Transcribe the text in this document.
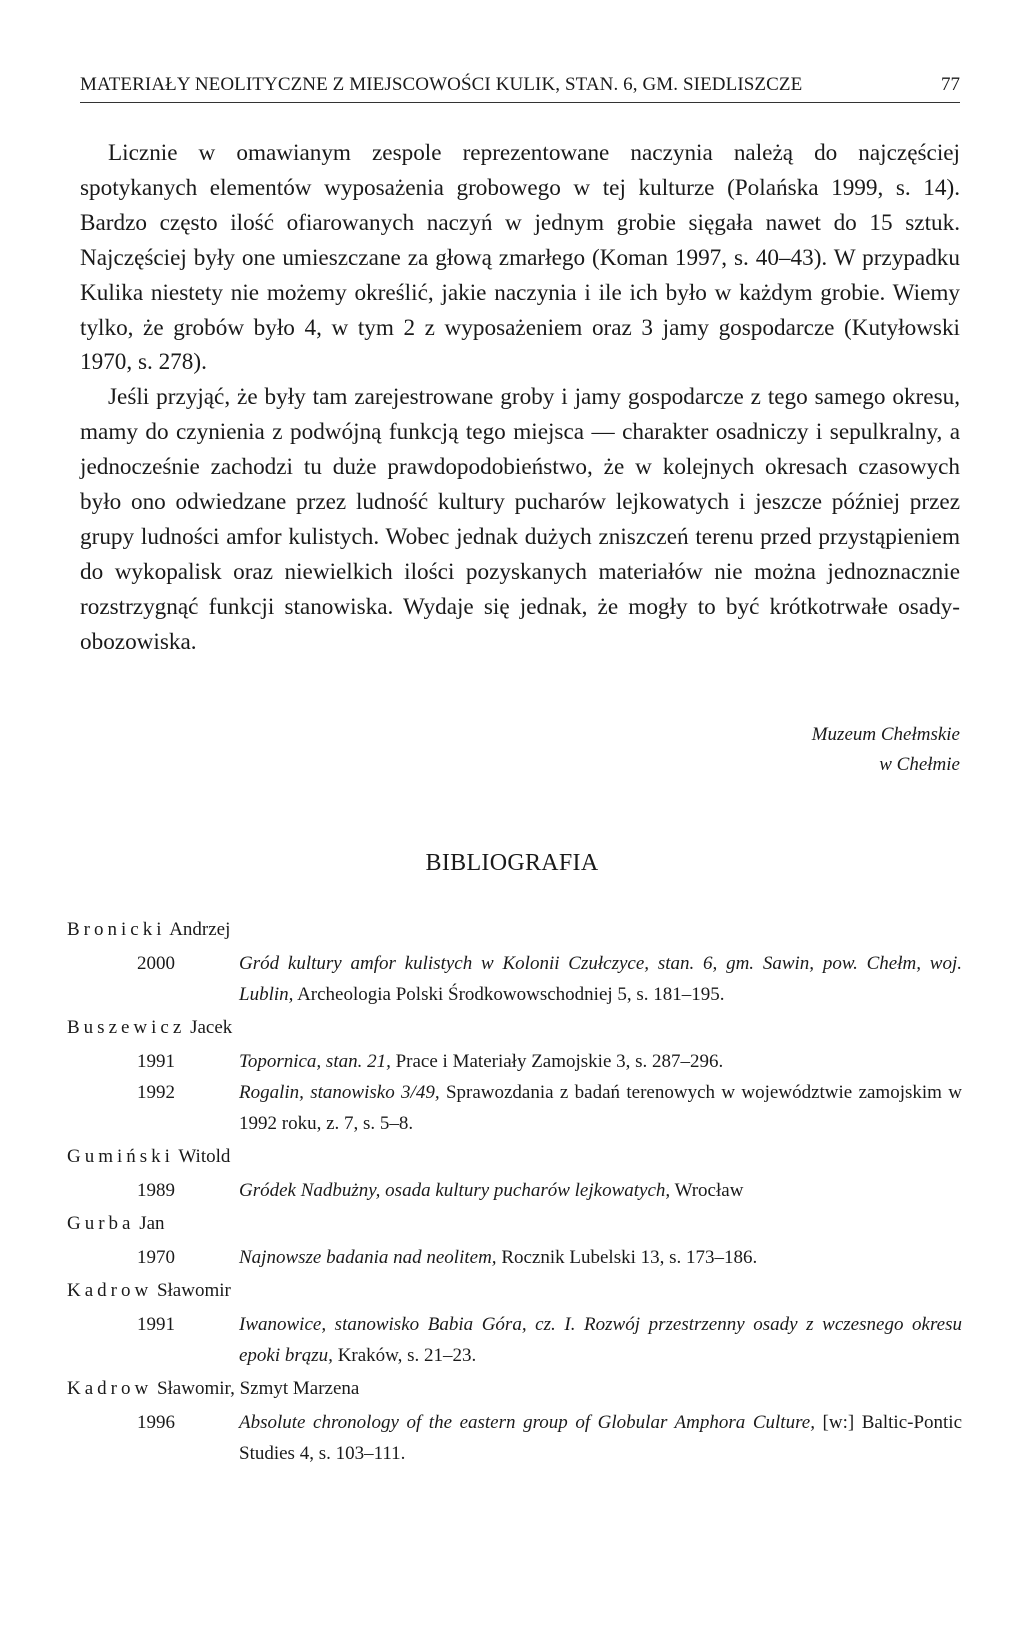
MATERIAŁY NEOLITYCZNE Z MIEJSCOWOŚCI KULIK, STAN. 6, GM. SIEDLISZCZE	77

Licznie w omawianym zespole reprezentowane naczynia należą do najczęściej spotykanych elementów wyposażenia grobowego w tej kulturze (Polańska 1999, s. 14). Bardzo często ilość ofiarowanych naczyń w jednym grobie sięgała nawet do 15 sztuk. Najczęściej były one umieszczane za głową zmarłego (Koman 1997, s. 40–43). W przypadku Kulika niestety nie możemy określić, jakie naczynia i ile ich było w każdym grobie. Wiemy tylko, że grobów było 4, w tym 2 z wyposażeniem oraz 3 jamy gospodarcze (Kutyłowski 1970, s. 278).

Jeśli przyjąć, że były tam zarejestrowane groby i jamy gospodarcze z tego samego okresu, mamy do czynienia z podwójną funkcją tego miejsca — charakter osadniczy i sepulkralny, a jednocześnie zachodzi tu duże prawdopodobieństwo, że w kolejnych okresach czasowych było ono odwiedzane przez ludność kultury pucharów lejkowatych i jeszcze później przez grupy ludności amfor kulistych. Wobec jednak dużych zniszczeń terenu przed przystąpieniem do wykopalisk oraz niewielkich ilości pozyskanych materiałów nie można jednoznacznie rozstrzygnąć funkcji stanowiska. Wydaje się jednak, że mogły to być krótkotrwałe osady-obozowiska.

Muzeum Chełmskie
w Chełmie
BIBLIOGRAFIA
Bronicki Andrzej
2000	Gród kultury amfor kulistych w Kolonii Czułczyce, stan. 6, gm. Sawin, pow. Chełm, woj. Lublin, Archeologia Polski Środkowowschodniej 5, s. 181–195.
Buszewicz Jacek
1991	Topornica, stan. 21, Prace i Materiały Zamojskie 3, s. 287–296.
1992	Rogalin, stanowisko 3/49, Sprawozdania z badań terenowych w województwie zamojskim w 1992 roku, z. 7, s. 5–8.
Gumiński Witold
1989	Gródek Nadbużny, osada kultury pucharów lejkowatych, Wrocław
Gurba Jan
1970	Najnowsze badania nad neolitem, Rocznik Lubelski 13, s. 173–186.
Kadrow Sławomir
1991	Iwanowice, stanowisko Babia Góra, cz. I. Rozwój przestrzenny osady z wczesnego okresu epoki brązu, Kraków, s. 21–23.
Kadrow Sławomir, Szmyt Marzena
1996	Absolute chronology of the eastern group of Globular Amphora Culture, [w:] Baltic-Pontic Studies 4, s. 103–111.
